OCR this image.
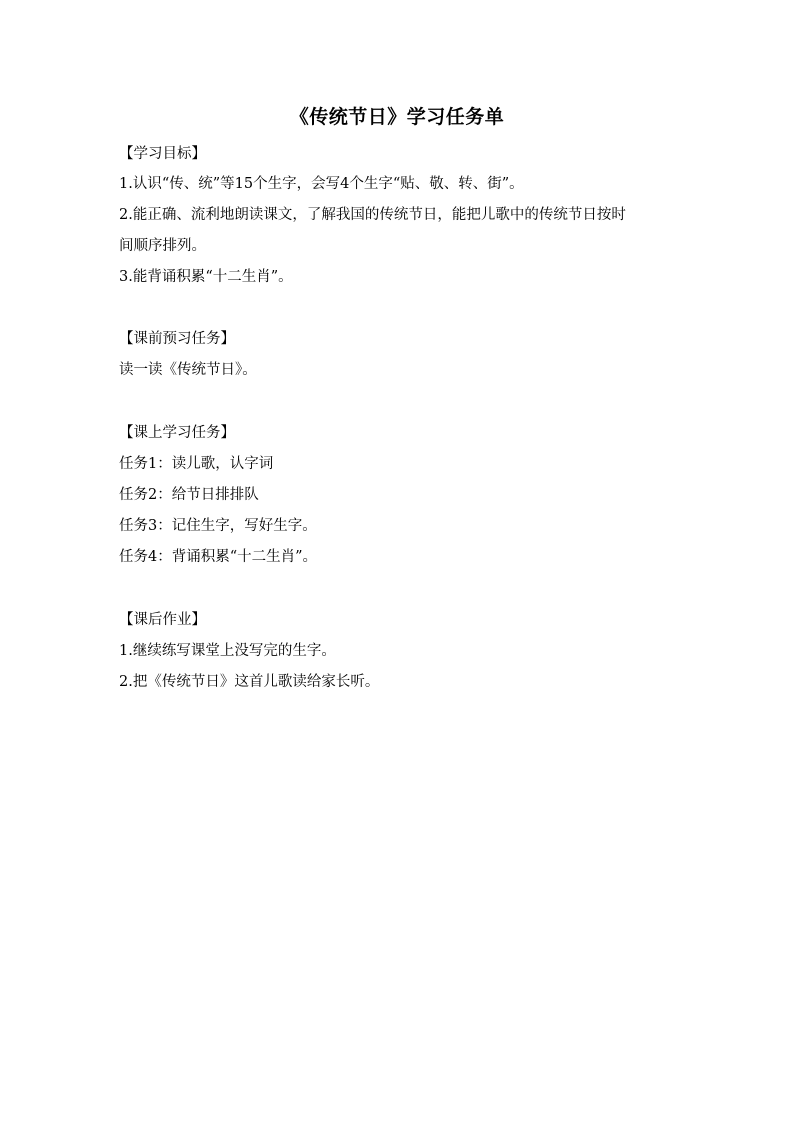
《传统节日》学习任务单
【学习目标】
1.认识“传、统”等15个生字，会写4个生字“贴、敬、转、街”。
2.能正确、流利地朗读课文，了解我国的传统节日，能把儿歌中的传统节日按时
间顺序排列。
3.能背诵积累“十二生肖”。
【课前预习任务】
读一读《传统节日》。
【课上学习任务】
任务1：读儿歌，认字词
任务2：给节日排排队
任务3：记住生字，写好生字。
任务4：背诵积累“十二生肖”。
【课后作业】
1.继续练写课堂上没写完的生字。
2.把《传统节日》这首儿歌读给家长听。
